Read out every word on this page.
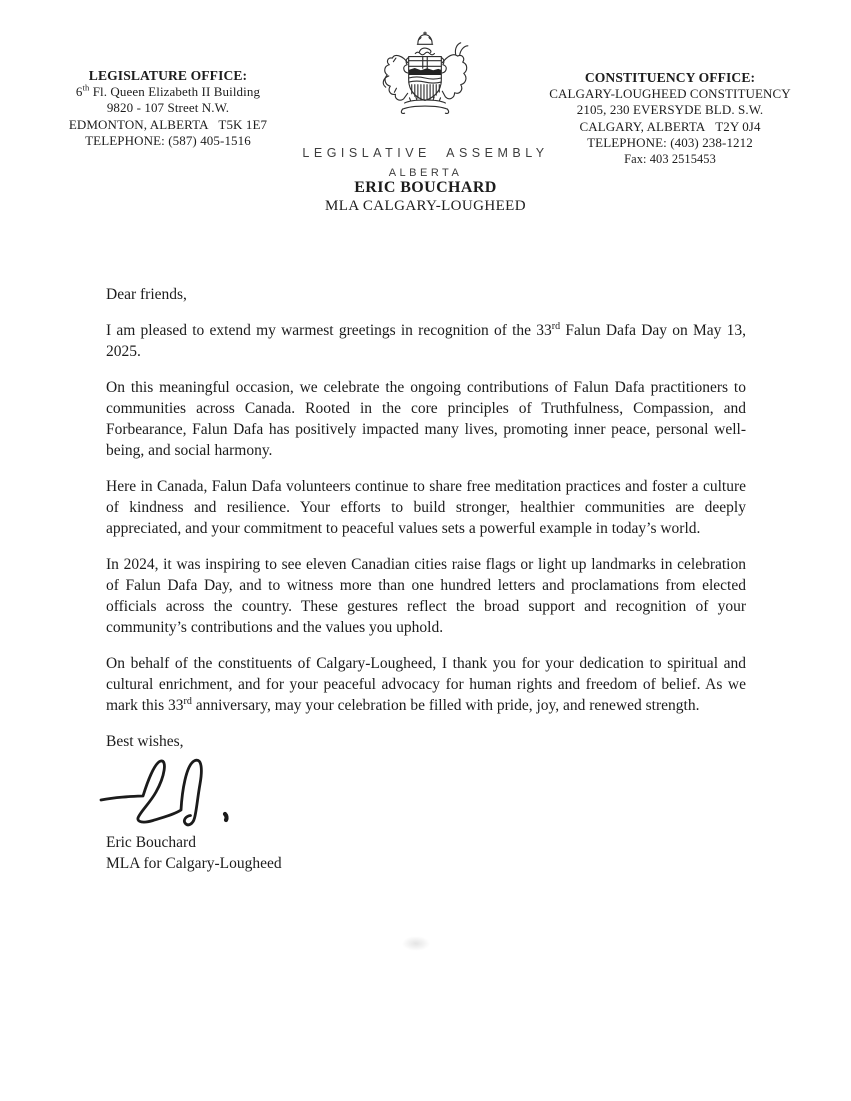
LEGISLATURE OFFICE:
6th Fl. Queen Elizabeth II Building
9820 - 107 Street N.W.
EDMONTON, ALBERTA   T5K 1E7
TELEPHONE: (587) 405-1516
CONSTITUENCY OFFICE:
CALGARY-LOUGHEED CONSTITUENCY
2105, 230 EVERSYDE BLD. S.W.
CALGARY, ALBERTA   T2Y 0J4
TELEPHONE: (403) 238-1212
Fax: 403 2515453
LEGISLATIVE  ASSEMBLY
ALBERTA
ERIC BOUCHARD
MLA CALGARY-LOUGHEED

Dear friends,

I am pleased to extend my warmest greetings in recognition of the 33rd Falun Dafa Day on May 13, 2025.

On this meaningful occasion, we celebrate the ongoing contributions of Falun Dafa practitioners to communities across Canada. Rooted in the core principles of Truthfulness, Compassion, and Forbearance, Falun Dafa has positively impacted many lives, promoting inner peace, personal well-being, and social harmony.

Here in Canada, Falun Dafa volunteers continue to share free meditation practices and foster a culture of kindness and resilience. Your efforts to build stronger, healthier communities are deeply appreciated, and your commitment to peaceful values sets a powerful example in today’s world.

In 2024, it was inspiring to see eleven Canadian cities raise flags or light up landmarks in celebration of Falun Dafa Day, and to witness more than one hundred letters and proclamations from elected officials across the country. These gestures reflect the broad support and recognition of your community’s contributions and the values you uphold.

On behalf of the constituents of Calgary-Lougheed, I thank you for your dedication to spiritual and cultural enrichment, and for your peaceful advocacy for human rights and freedom of belief. As we mark this 33rd anniversary, may your celebration be filled with pride, joy, and renewed strength.

Best wishes,

Eric Bouchard
MLA for Calgary-Lougheed
